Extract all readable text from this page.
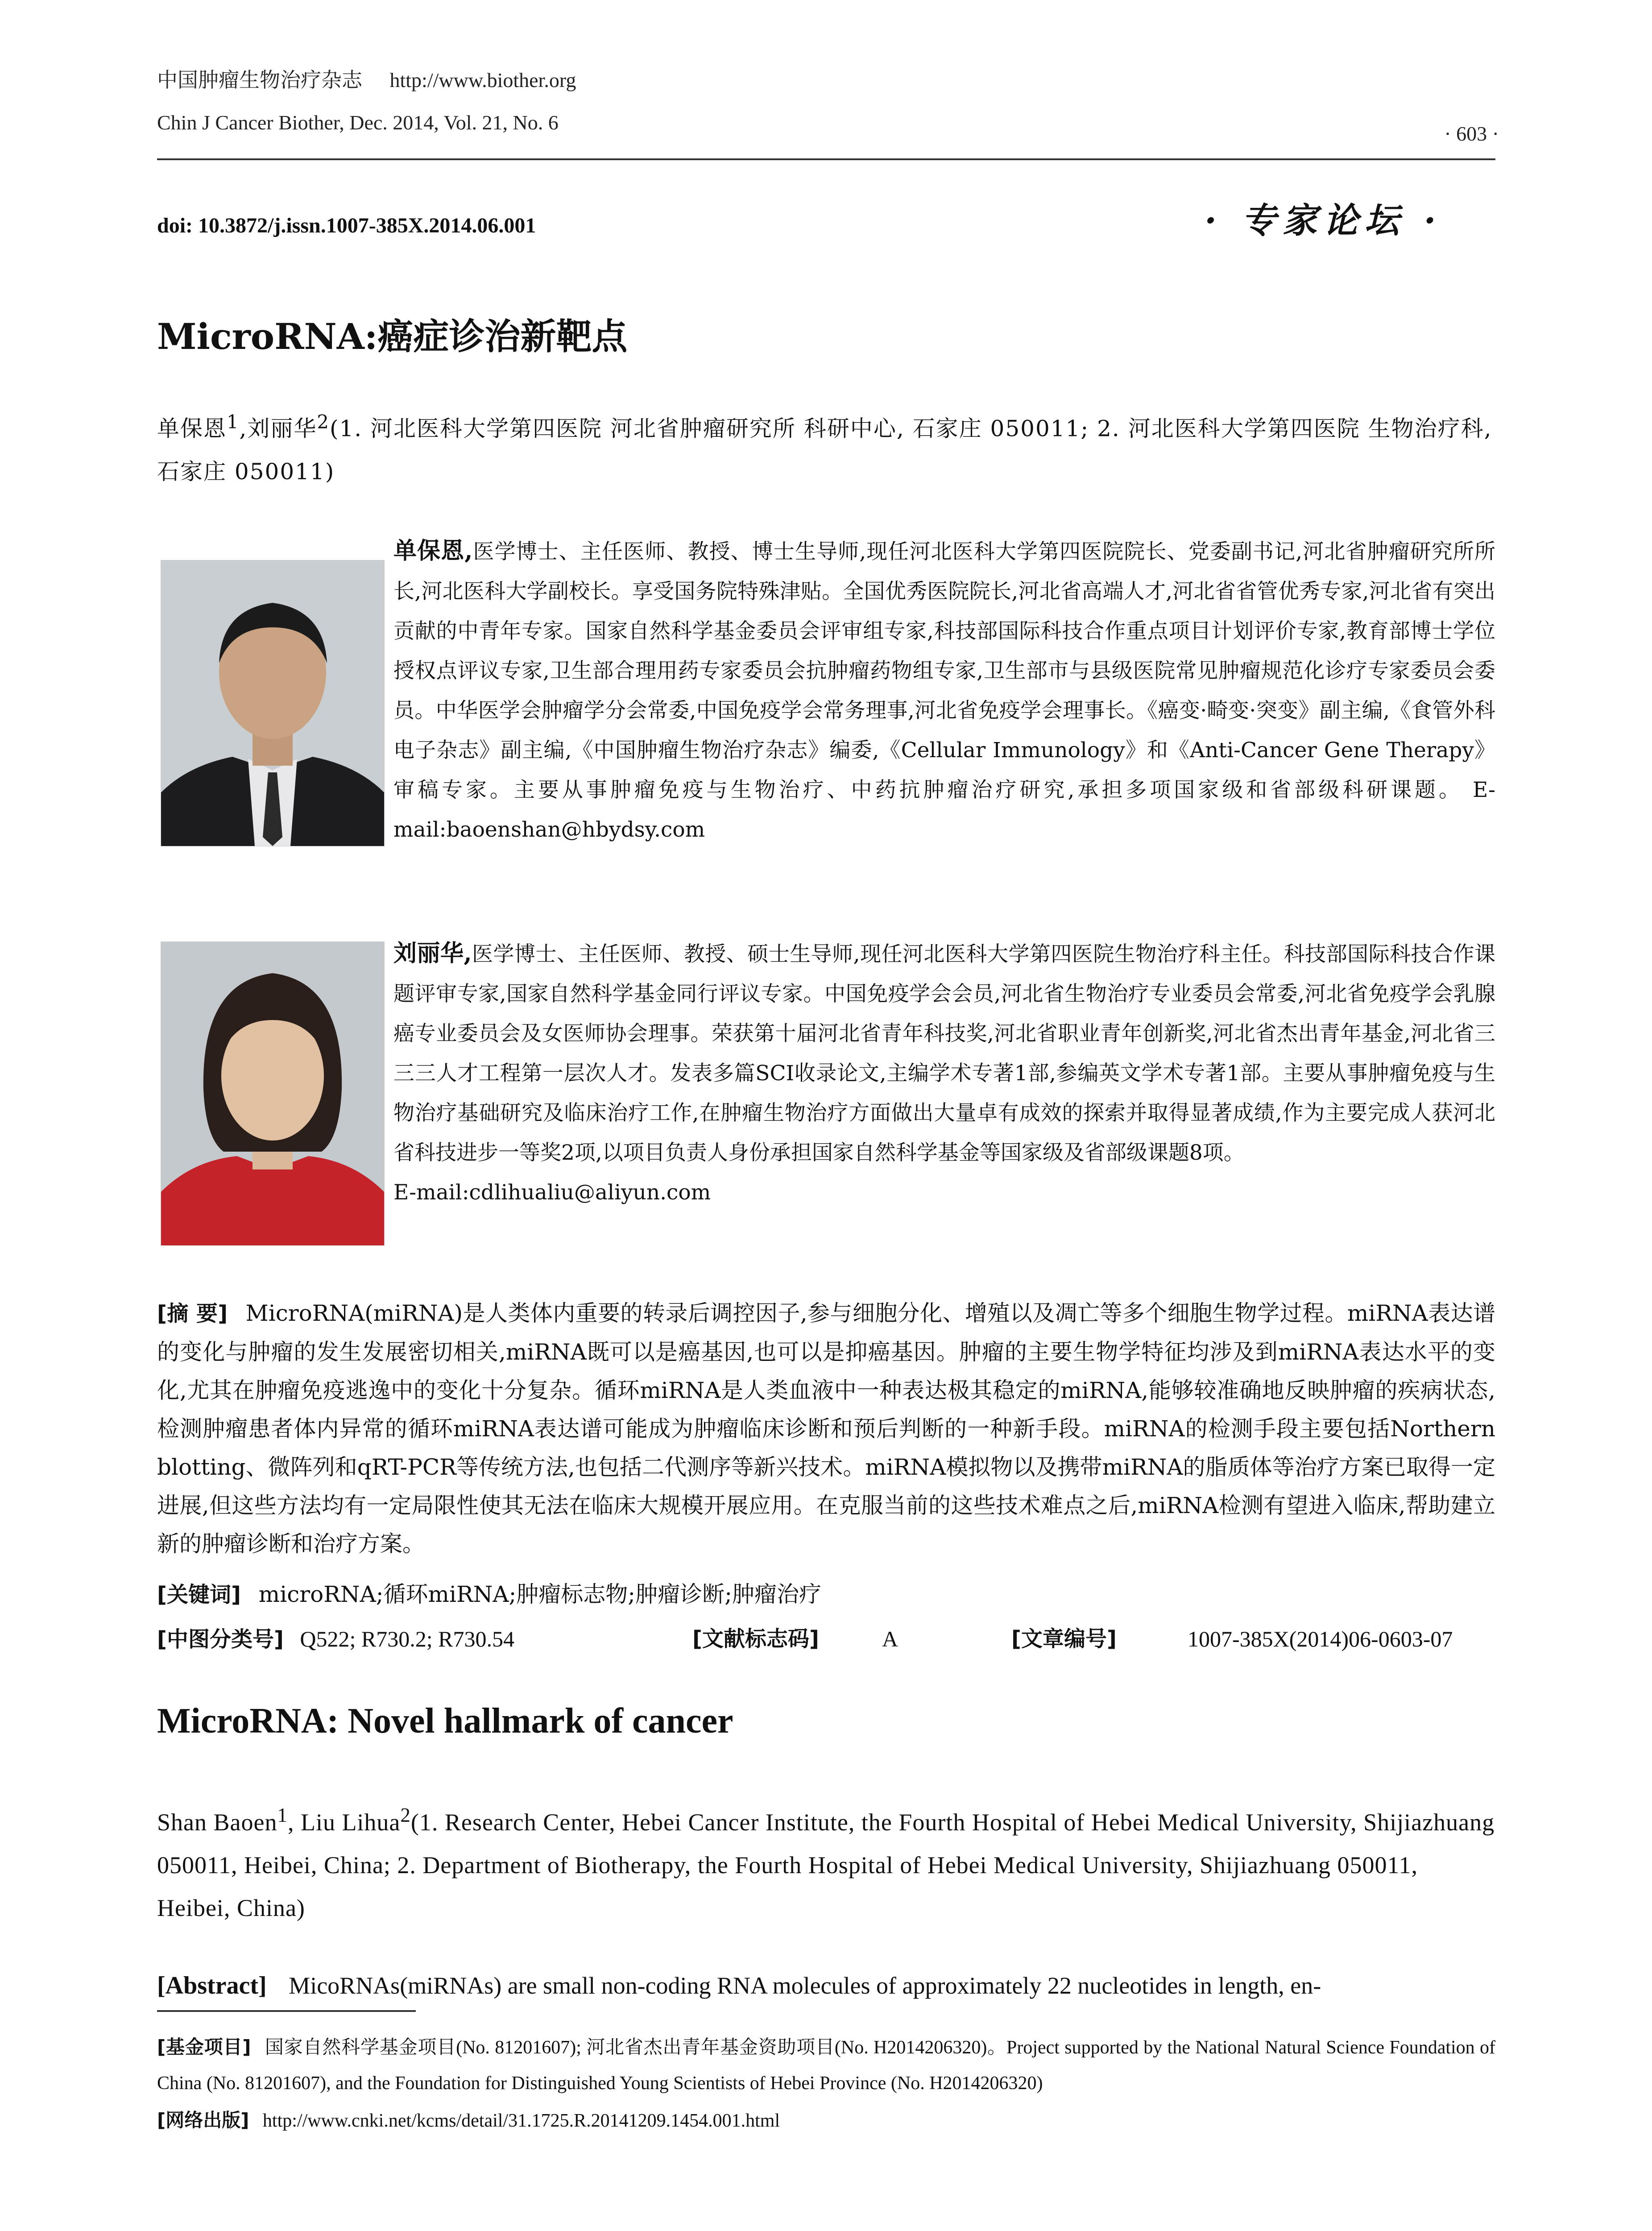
中国肿瘤生物治疗杂志 http://www.biother.org
Chin J Cancer Biother, Dec. 2014, Vol. 21, No. 6	· 603 ·
doi: 10.3872/j.issn.1007-385X.2014.06.001	· 专家论坛 ·
MicroRNA:癌症诊治新靶点
单保恩$^1$,刘丽华$^2$(1. 河北医科大学第四医院 河北省肿瘤研究所 科研中心, 石家庄 050011; 2. 河北医科大学第四医院 生物治疗科,石家庄 050011)
单保恩,医学博士、主任医师、教授、博士生导师,现任河北医科大学第四医院院长、党委副书记,河北省肿瘤研究所所长,河北医科大学副校长。享受国务院特殊津贴。全国优秀医院院长,河北省高端人才,河北省省管优秀专家,河北省有突出贡献的中青年专家。国家自然科学基金委员会评审组专家,科技部国际科技合作重点项目计划评价专家,教育部博士学位授权点评议专家,卫生部合理用药专家委员会抗肿瘤药物组专家,卫生部市与县级医院常见肿瘤规范化诊疗专家委员会委员。中华医学会肿瘤学分会常委,中国免疫学会常务理事,河北省免疫学会理事长。《癌变·畸变·突变》副主编,《食管外科电子杂志》副主编,《中国肿瘤生物治疗杂志》编委,《Cellular Immunology》和《Anti-Cancer Gene Therapy》审稿专家。主要从事肿瘤免疫与生物治疗、中药抗肿瘤治疗研究,承担多项国家级和省部级科研课题。 E-mail:baoenshan@hbydsy.com
刘丽华,医学博士、主任医师、教授、硕士生导师,现任河北医科大学第四医院生物治疗科主任。科技部国际科技合作课题评审专家,国家自然科学基金同行评议专家。中国免疫学会会员,河北省生物治疗专业委员会常委,河北省免疫学会乳腺癌专业委员会及女医师协会理事。荣获第十届河北省青年科技奖,河北省职业青年创新奖,河北省杰出青年基金,河北省三三三人才工程第一层次人才。发表多篇SCI收录论文,主编学术专著1部,参编英文学术专著1部。主要从事肿瘤免疫与生物治疗基础研究及临床治疗工作,在肿瘤生物治疗方面做出大量卓有成效的探索并取得显著成绩,作为主要完成人获河北省科技进步一等奖2项,以项目负责人身份承担国家自然科学基金等国家级及省部级课题8项。
E-mail:cdlihualiu@aliyun.com
[摘 要] MicroRNA(miRNA)是人类体内重要的转录后调控因子,参与细胞分化、增殖以及凋亡等多个细胞生物学过程。miRNA表达谱的变化与肿瘤的发生发展密切相关,miRNA既可以是癌基因,也可以是抑癌基因。肿瘤的主要生物学特征均涉及到miRNA表达水平的变化,尤其在肿瘤免疫逃逸中的变化十分复杂。循环miRNA是人类血液中一种表达极其稳定的miRNA,能够较准确地反映肿瘤的疾病状态,检测肿瘤患者体内异常的循环miRNA表达谱可能成为肿瘤临床诊断和预后判断的一种新手段。miRNA的检测手段主要包括Northern blotting、微阵列和qRT-PCR等传统方法,也包括二代测序等新兴技术。miRNA模拟物以及携带miRNA的脂质体等治疗方案已取得一定进展,但这些方法均有一定局限性使其无法在临床大规模开展应用。在克服当前的这些技术难点之后,miRNA检测有望进入临床,帮助建立新的肿瘤诊断和治疗方案。
[关键词] microRNA;循环miRNA;肿瘤标志物;肿瘤诊断;肿瘤治疗
[中图分类号] Q522; R730.2; R730.54	[文献标志码]	A	[文章编号]	1007-385X(2014)06-0603-07
MicroRNA: Novel hallmark of cancer
Shan Baoen$^1$, Liu Lihua$^2$(1. Research Center, Hebei Cancer Institute, the Fourth Hospital of Hebei Medical University, Shijiazhuang 050011, Heibei, China; 2. Department of Biotherapy, the Fourth Hospital of Hebei Medical University, Shijiazhuang 050011, Heibei, China)
[Abstract] MicoRNAs(miRNAs) are small non-coding RNA molecules of approximately 22 nucleotides in length, en-
[基金项目] 国家自然科学基金项目(No. 81201607); 河北省杰出青年基金资助项目(No. H2014206320)。Project supported by the National Natural Science Foundation of China (No. 81201607), and the Foundation for Distinguished Young Scientists of Hebei Province (No. H2014206320)
[网络出版] http://www.cnki.net/kcms/detail/31.1725.R.20141209.1454.001.html
